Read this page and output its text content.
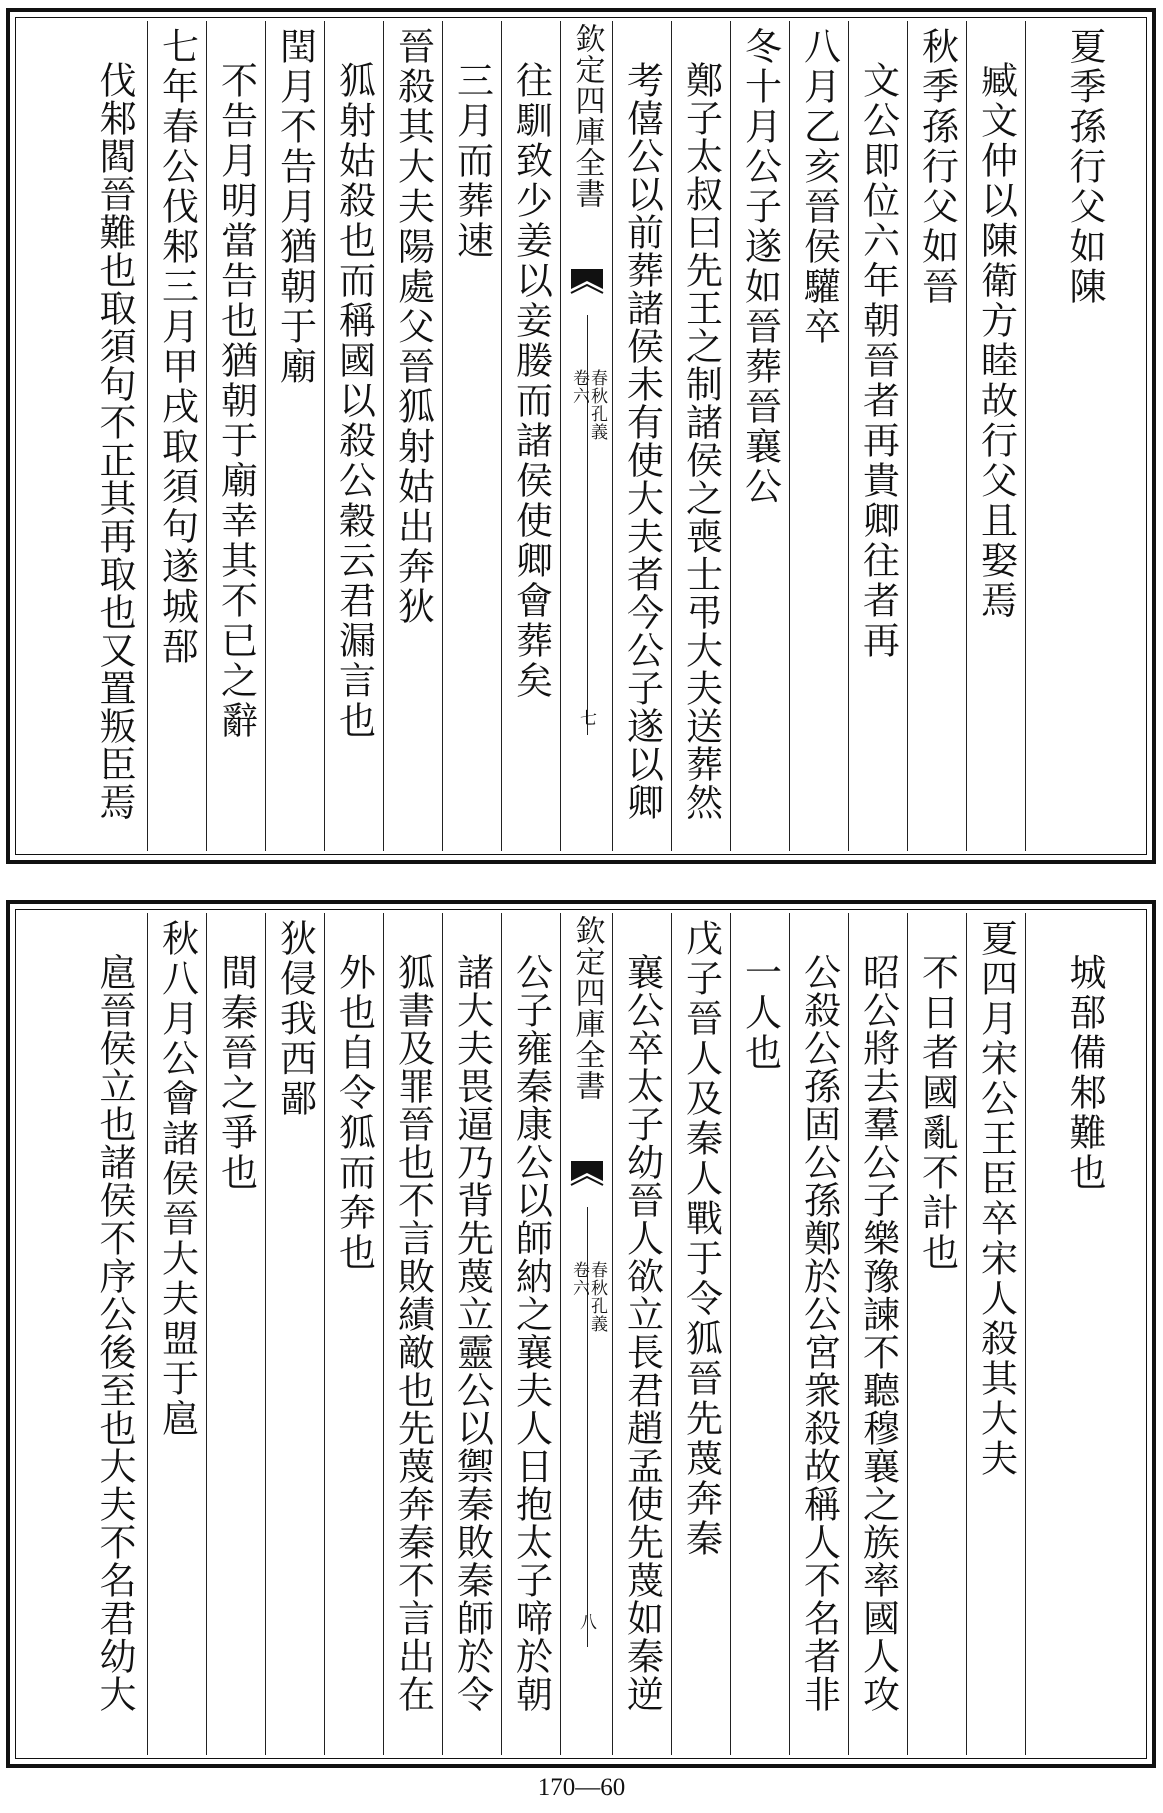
夏季孫行父如陳
臧文仲以陳衛方睦故行父且娶焉
秋季孫行父如晉
文公即位六年朝晉者再貴卿往者再
八月乙亥晉侯驩卒
冬十月公子遂如晉葬晉襄公
鄭子太叔曰先王之制諸侯之喪士弔大夫送葬然
考僖公以前葬諸侯未有使大夫者今公子遂以卿
欽定四庫全書
春秋孔義
卷六
七
往馴致少姜以妾媵而諸侯使卿會葬矣
三月而葬速
晉殺其大夫陽處父晉狐射姑出奔狄
狐射姑殺也而稱國以殺公穀云君漏言也
閏月不告月猶朝于廟
不告月明當告也猶朝于廟幸其不已之辭
七年春公伐邾三月甲戌取須句遂城郚
伐邾閻晉難也取須句不正其再取也又置叛臣焉
城郚備邾難也
夏四月宋公王臣卒宋人殺其大夫
不日者國亂不計也
昭公將去羣公子樂豫諫不聽穆襄之族率國人攻
公殺公孫固公孫鄭於公宮衆殺故稱人不名者非
一人也
戊子晉人及秦人戰于令狐晉先蔑奔秦
襄公卒太子幼晉人欲立長君趙孟使先蔑如秦逆
欽定四庫全書
春秋孔義
卷六
八
公子雍秦康公以師納之襄夫人日抱太子啼於朝
諸大夫畏逼乃背先蔑立靈公以禦秦敗秦師於令
狐書及罪晉也不言敗績敵也先蔑奔秦不言出在
外也自令狐而奔也
狄侵我西鄙
間秦晉之爭也
秋八月公會諸侯晉大夫盟于扈
扈晉侯立也諸侯不序公後至也大夫不名君幼大
170—60
